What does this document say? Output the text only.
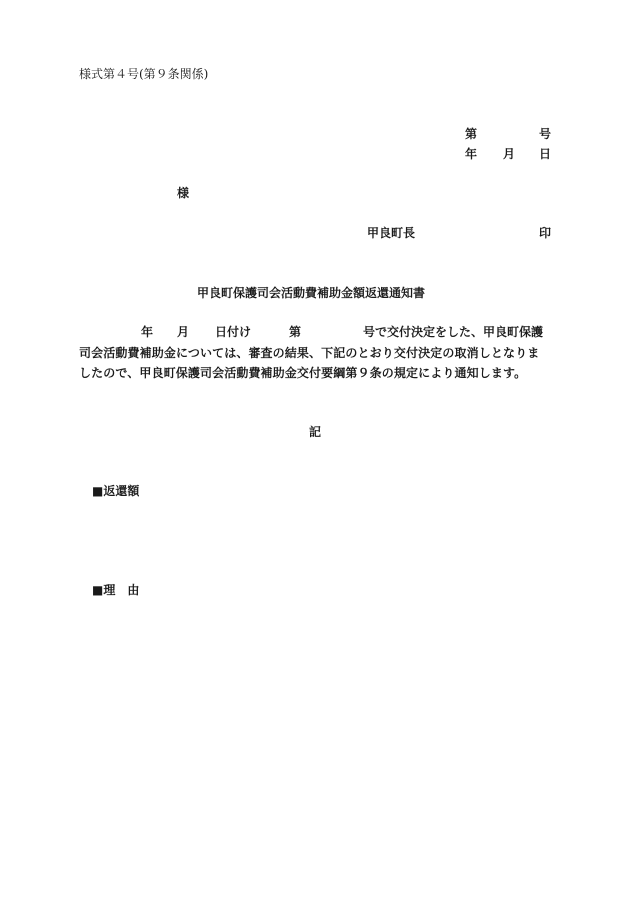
様式第４号(第９条関係)
第	号
年 月 日
様
甲良町長	印
甲良町保護司会活動費補助金額返還通知書
年 月 日付け	第	号で交付決定をした、甲良町保護
司会活動費補助金については、審査の結果、下記のとおり交付決定の取消しとなりま
したので、甲良町保護司会活動費補助金交付要綱第９条の規定により通知します。
記
■返還額
■理　由
